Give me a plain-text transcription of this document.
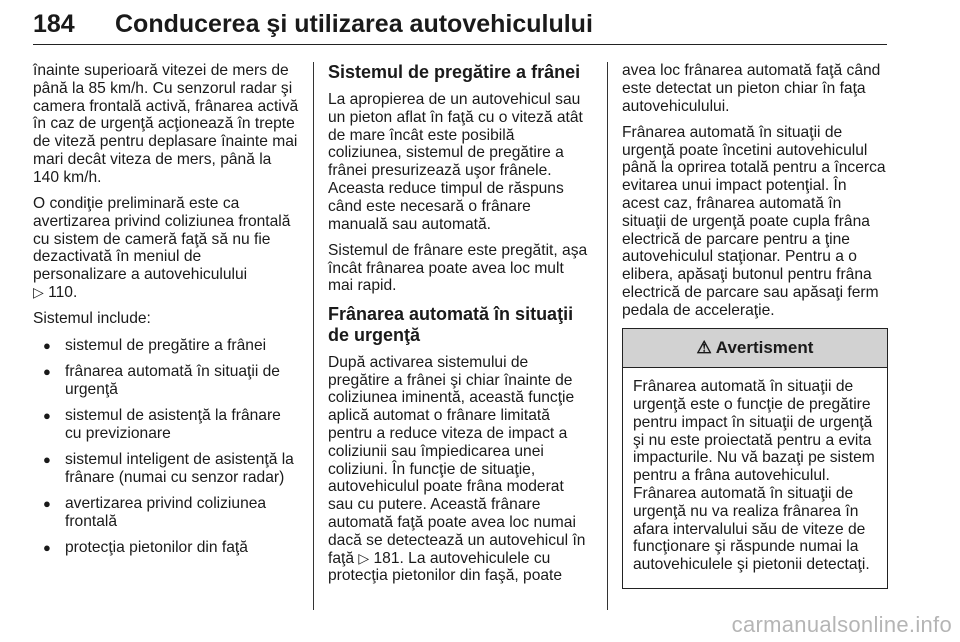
184 Conducerea şi utilizarea autovehiculului

înainte superioară vitezei de mers de până la 85 km/h. Cu senzorul radar şi camera frontală activă, frânarea activă în caz de urgenţă acţionează în trepte de viteză pentru deplasare înainte mai mari decât viteza de mers, până la 140 km/h.

O condiţie preliminară este ca avertizarea privind coliziunea frontală cu sistem de cameră faţă să nu fie dezactivată în meniul de personalizare a autovehiculului
▷ 110.

Sistemul include:

● sistemul de pregătire a frânei
● frânarea automată în situaţii de urgenţă
● sistemul de asistenţă la frânare cu previzionare
● sistemul inteligent de asistenţă la frânare (numai cu senzor radar)
● avertizarea privind coliziunea frontală
● protecţia pietonilor din faţă
Sistemul de pregătire a frânei

La apropierea de un autovehicul sau un pieton aflat în faţă cu o viteză atât de mare încât este posibilă coliziunea, sistemul de pregătire a frânei presurizează uşor frânele. Aceasta reduce timpul de răspuns când este necesară o frânare manuală sau automată.

Sistemul de frânare este pregătit, aşa încât frânarea poate avea loc mult mai rapid.

Frânarea automată în situaţii de urgenţă

După activarea sistemului de pregătire a frânei şi chiar înainte de coliziunea iminentă, această funcţie aplică automat o frânare limitată pentru a reduce viteza de impact a coliziunii sau împiedicarea unei coliziuni. În funcţie de situaţie, autovehiculul poate frâna moderat sau cu putere. Această frânare automată faţă poate avea loc numai dacă se detectează un autovehicul în faţă ▷ 181. La autovehiculele cu protecţia pietonilor din faşă, poate

avea loc frânarea automată faţă când este detectat un pieton chiar în faţa autovehiculului.

Frânarea automată în situaţii de urgenţă poate încetini autovehiculul până la oprirea totală pentru a încerca evitarea unui impact potenţial. În acest caz, frânarea automată în situaţii de urgenţă poate cupla frâna electrică de parcare pentru a ţine autovehiculul staţionar. Pentru a o elibera, apăsaţi butonul pentru frâna electrică de parcare sau apăsaţi ferm pedala de acceleraţie.

⚠ Avertisment
Frânarea automată în situaţii de urgenţă este o funcţie de pregătire pentru impact în situaţii de urgenţă şi nu este proiectată pentru a evita impacturile. Nu vă bazaţi pe sistem pentru a frâna autovehiculul. Frânarea automată în situaţii de urgenţă nu va realiza frânarea în afara intervalului său de viteze de funcţionare şi răspunde numai la autovehiculele şi pietonii detectaţi.
carmanualsonline.info
